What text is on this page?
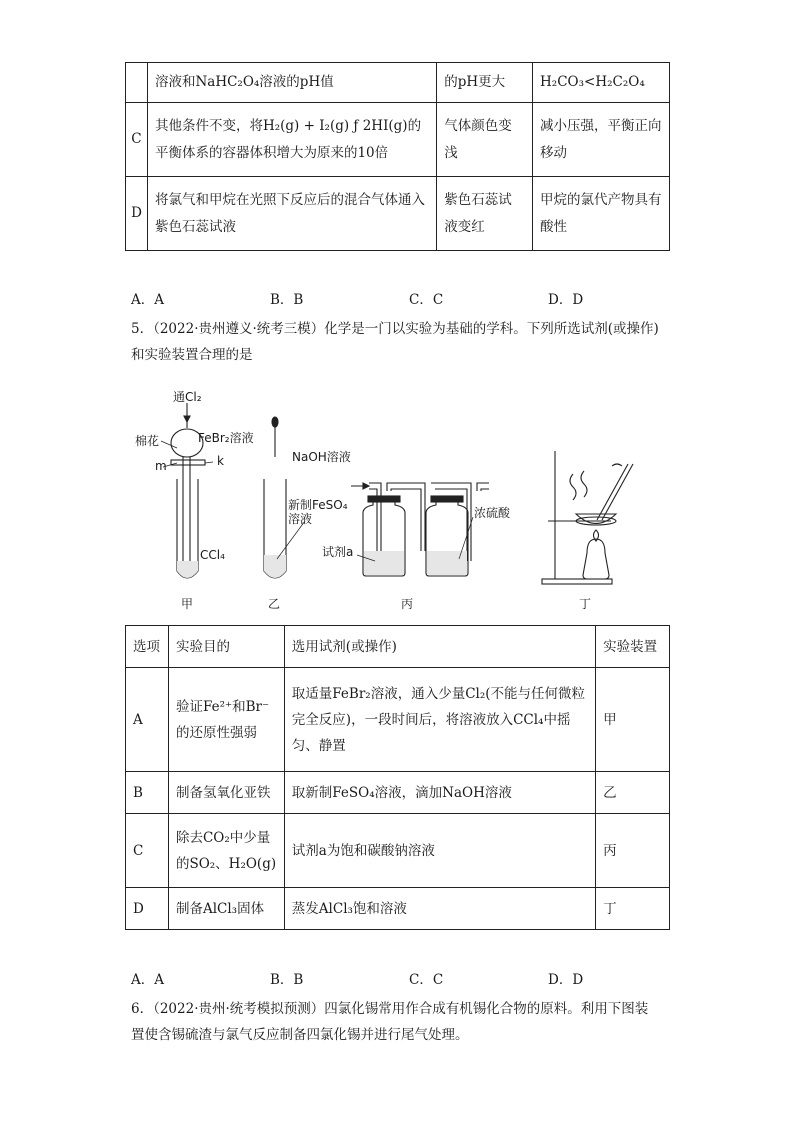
	溶液和NaHC₂O₄溶液的pH值	的pH更大	H₂CO₃<H₂C₂O₄
C	其他条件不变，将H₂(g) + I₂(g) ƒ 2HI(g)的平衡体系的容器体积增大为原来的10倍	气体颜色变浅	减小压强，平衡正向移动
D	将氯气和甲烷在光照下反应后的混合气体通入紫色石蕊试液	紫色石蕊试液变红	甲烷的氯代产物具有酸性
A．A	B．B	C．C	D．D
5．（2022·贵州遵义·统考三模）化学是一门以实验为基础的学科。下列所选试剂(或操作)
和实验装置合理的是
通Cl₂
棉花	FeBr₂溶液
m	k
CCl₄
NaOH溶液
新制FeSO₄
溶液
试剂a
浓硫酸
甲	乙	丙	丁
选项	实验目的	选用试剂(或操作)	实验装置
A	验证Fe²⁺和Br⁻的还原性强弱	取适量FeBr₂溶液，通入少量Cl₂(不能与任何微粒完全反应)，一段时间后，将溶液放入CCl₄中摇匀、静置	甲
B	制备氢氧化亚铁	取新制FeSO₄溶液，滴加NaOH溶液	乙
C	除去CO₂中少量的SO₂、H₂O(g)	试剂a为饱和碳酸钠溶液	丙
D	制备AlCl₃固体	蒸发AlCl₃饱和溶液	丁
A．A	B．B	C．C	D．D
6．（2022·贵州·统考模拟预测）四氯化锡常用作合成有机锡化合物的原料。利用下图装
置使含锡硫渣与氯气反应制备四氯化锡并进行尾气处理。
